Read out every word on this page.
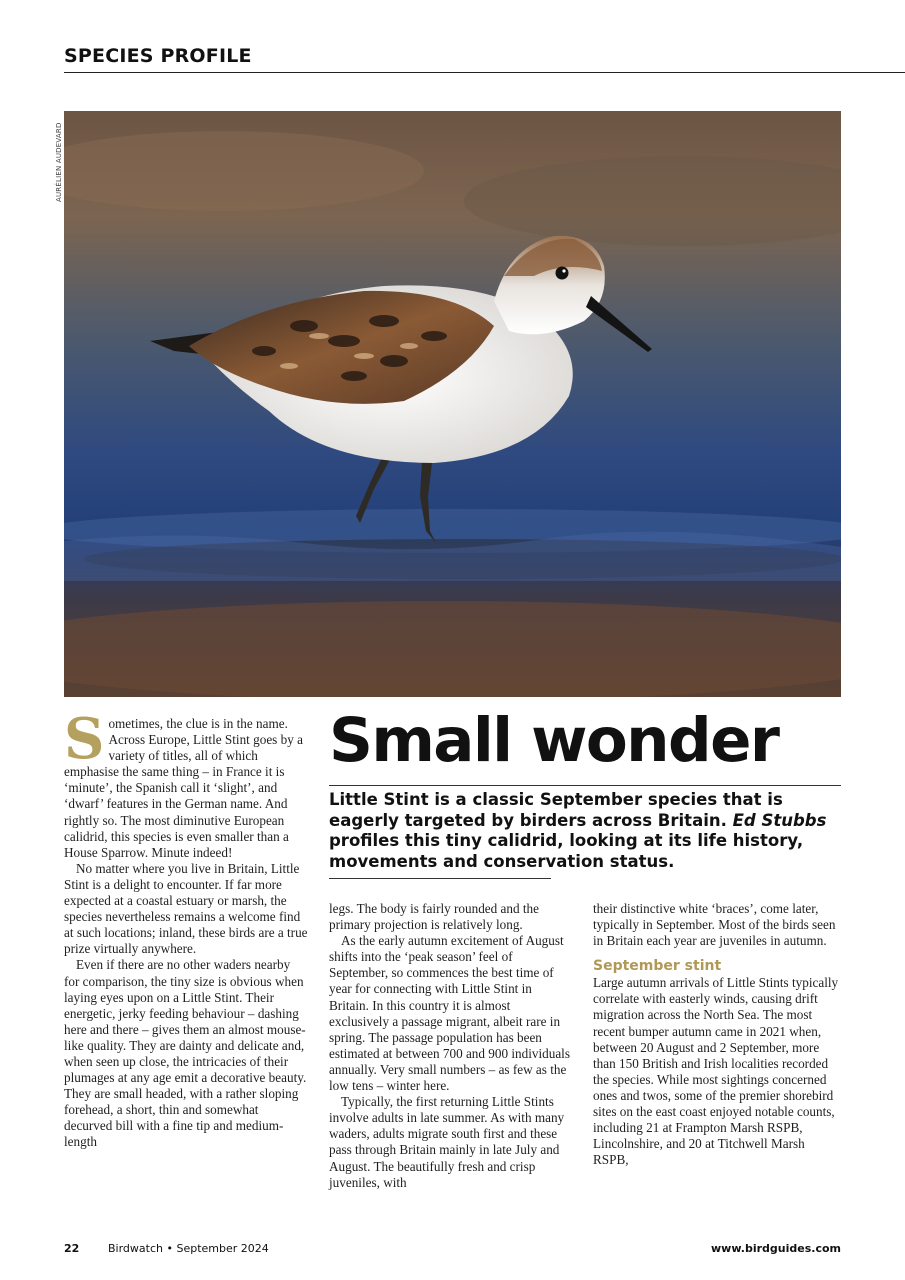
SPECIES PROFILE
AURÉLIEN AUDEVARD
S ometimes, the clue is in the name. Across Europe, Little Stint goes by a variety of titles, all of which emphasise the same thing – in France it is ‘minute’, the Spanish call it ‘slight’, and ‘dwarf’ features in the German name. And rightly so. The most diminutive European calidrid, this species is even smaller than a House Sparrow. Minute indeed!

No matter where you live in Britain, Little Stint is a delight to encounter. If far more expected at a coastal estuary or marsh, the species nevertheless remains a welcome find at such locations; inland, these birds are a true prize virtually anywhere.

Even if there are no other waders nearby for comparison, the tiny size is obvious when laying eyes upon on a Little Stint. Their energetic, jerky feeding behaviour – dashing here and there – gives them an almost mouse-like quality. They are dainty and delicate and, when seen up close, the intricacies of their plumages at any age emit a decorative beauty. They are small headed, with a rather sloping forehead, a short, thin and somewhat decurved bill with a fine tip and medium-length

Small wonder
Little Stint is a classic September species that is eagerly targeted by birders across Britain. Ed Stubbs profiles this tiny calidrid, looking at its life history, movements and conservation status.

legs. The body is fairly rounded and the primary projection is relatively long.

As the early autumn excitement of August shifts into the ‘peak season’ feel of September, so commences the best time of year for connecting with Little Stint in Britain. In this country it is almost exclusively a passage migrant, albeit rare in spring. The passage population has been estimated at between 700 and 900 individuals annually. Very small numbers – as few as the low tens – winter here.

Typically, the first returning Little Stints involve adults in late summer. As with many waders, adults migrate south first and these pass through Britain mainly in late July and August. The beautifully fresh and crisp juveniles, with

their distinctive white ‘braces’, come later, typically in September. Most of the birds seen in Britain each year are juveniles in autumn.

September stint

Large autumn arrivals of Little Stints typically correlate with easterly winds, causing drift migration across the North Sea. The most recent bumper autumn came in 2021 when, between 20 August and 2 September, more than 150 British and Irish localities recorded the species. While most sightings concerned ones and twos, some of the premier shorebird sites on the east coast enjoyed notable counts, including 21 at Frampton Marsh RSPB, Lincolnshire, and 20 at Titchwell Marsh RSPB,

22	Birdwatch • September 2024	www.birdguides.com
